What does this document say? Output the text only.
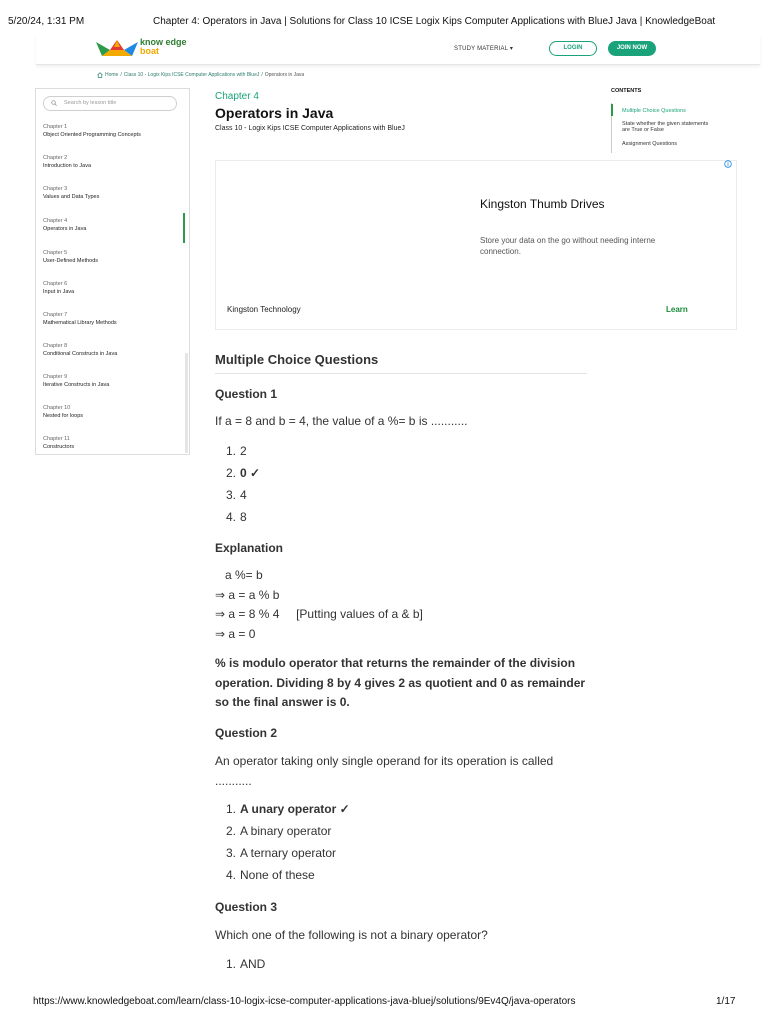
5/20/24, 1:31 PM	Chapter 4: Operators in Java | Solutions for Class 10 ICSE Logix Kips Computer Applications with BlueJ Java | KnowledgeBoat
know edge
boat	STUDY MATERIAL ▾	LOGIN	JOIN NOW
Home / Class 10 - Logix Kips ICSE Computer Applications with BlueJ / Operators in Java
Search by lesson title
Chapter 1
Object Oriented Programming Concepts
Chapter 2
Introduction to Java
Chapter 3
Values and Data Types
Chapter 4
Operators in Java
Chapter 5
User-Defined Methods
Chapter 6
Input in Java
Chapter 7
Mathematical Library Methods
Chapter 8
Conditional Constructs in Java
Chapter 9
Iterative Constructs in Java
Chapter 10
Nested for loops
Chapter 11
Constructors
Chapter 4
Operators in Java
Class 10 - Logix Kips ICSE Computer Applications with BlueJ
CONTENTS
Multiple Choice Questions
State whether the given statements are True or False
Assignment Questions
Kingston Thumb Drives
Store your data on the go without needing interne connection.
Kingston Technology	Learn
Multiple Choice Questions
Question 1
If a = 8 and b = 4, the value of a %= b is ...........
1. 2
2. 0 ✓
3. 4
4. 8
Explanation
a %= b
⇒ a = a % b
⇒ a = 8 % 4     [Putting values of a & b]
⇒ a = 0
% is modulo operator that returns the remainder of the division operation. Dividing 8 by 4 gives 2 as quotient and 0 as remainder so the final answer is 0.
Question 2
An operator taking only single operand for its operation is called ...........
1. A unary operator ✓
2. A binary operator
3. A ternary operator
4. None of these
Question 3
Which one of the following is not a binary operator?
1. AND
https://www.knowledgeboat.com/learn/class-10-logix-icse-computer-applications-java-bluej/solutions/9Ev4Q/java-operators	1/17
